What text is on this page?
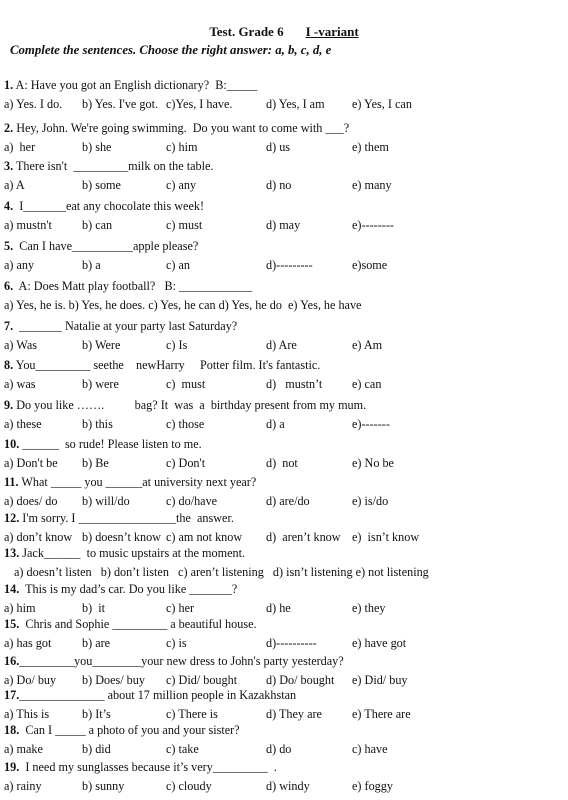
Test. Grade 6 I -variant
Complete the sentences. Choose the right answer: a, b, c, d, e
1. A: Have you got an English dictionary?  B:_____
a) Yes. I do. b) Yes. I've got. c)Yes, I have.	d) Yes, I am e) Yes, I can
2. Hey, John. We're going swimming.  Do you want to come with ___?
a)  her	b) she	c) him	d) us	e) them
3. There isn't  _________milk on the table.
a) A	b) some	c) any	d) no	e) many
4.  I_______eat any chocolate this week!
a) mustn't b) can	c) must	d) may	e)--------
5.  Can I have__________apple please?
a) any	b) a	c) an	d)---------	e)some
6.  A: Does Matt play football?   B: ____________
a) Yes, he is. b) Yes, he does. c) Yes, he can d) Yes, he do  e) Yes, he have
7.  _______ Natalie at your party last Saturday?
a) Was	b) Were	c) Is	d) Are	e) Am
8. You_________ seethe    newHarry     Potter film. It's fantastic.
a) was	b) were	c)  must	d)   mustn’t e) can
9. Do you like …….          bag? It  was  a  birthday present from my mum.
a) these	b) this	c) those	d) a	e)-------
10. ______  so rude! Please listen to me.
a) Don't be b) Be	c) Don't	d)  not	e) No be
11. What _____ you ______at university next year?
a) does/ do b) will/do	c) do/have	d) are/do	e) is/do
12. I'm sorry. I ________________the  answer.
a) don’t know b) doesn’t know c) am not know d)  aren’t know e)  isn’t know
13. Jack______  to music upstairs at the moment.
a) doesn’t listen   b) don’t listen   c) aren’t listening   d) isn’t listening e) not listening
14.  This is my dad’s car. Do you like _______?
a) him	b)  it	c) her	d) he	e) they
15.  Chris and Sophie _________ a beautiful house.
a) has got	b) are	c) is	d)----------	e) have got
16._________you________your new dress to John's party yesterday?
a) Do/ buy b) Does/ buy c) Did/ bought d) Do/ bought e) Did/ buy
17.______________ about 17 million people in Kazakhstan
a) This is	b) It’s	c) There is	d) They are e) There are
18.  Can I _____ a photo of you and your sister?
a) make	b) did	c) take	d) do	c) have
19.  I need my sunglasses because it’s very_________  .
a) rainy	b) sunny	c) cloudy	d) windy	e) foggy
